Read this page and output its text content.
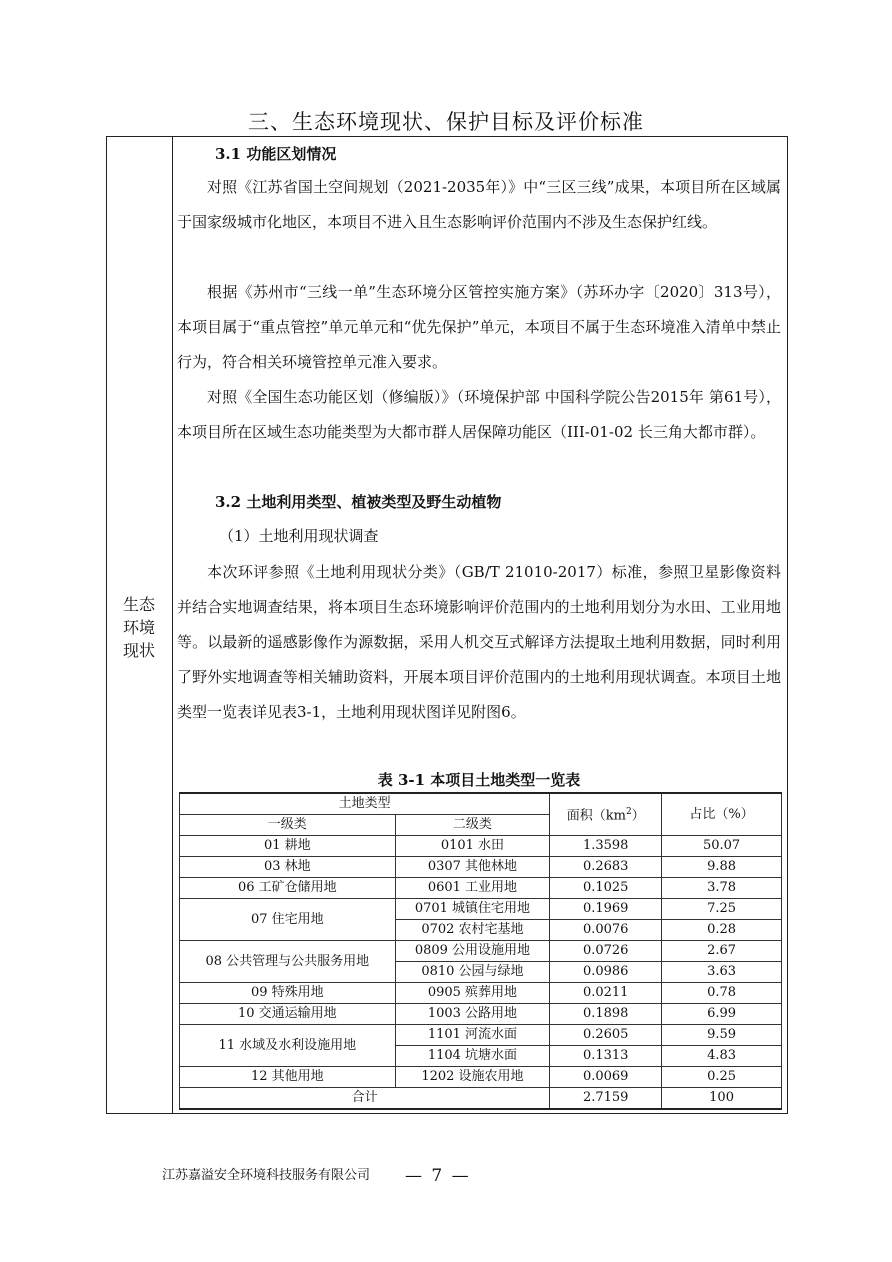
三、生态环境现状、保护目标及评价标准
生态
环境
现状
3.1 功能区划情况
对照《江苏省国土空间规划（2021-2035年）》中“三区三线”成果，本项目所在区域属于国家级城市化地区，本项目不进入且生态影响评价范围内不涉及生态保护红线。
根据《苏州市“三线一单”生态环境分区管控实施方案》（苏环办字〔2020〕313号），本项目属于“重点管控”单元单元和“优先保护”单元，本项目不属于生态环境准入清单中禁止行为，符合相关环境管控单元准入要求。
对照《全国生态功能区划（修编版）》（环境保护部 中国科学院公告2015年 第61号），本项目所在区域生态功能类型为大都市群人居保障功能区（III-01-02 长三角大都市群）。
3.2 土地利用类型、植被类型及野生动植物
（1）土地利用现状调查
本次环评参照《土地利用现状分类》（GB/T 21010-2017）标准，参照卫星影像资料并结合实地调查结果，将本项目生态环境影响评价范围内的土地利用划分为水田、工业用地等。以最新的遥感影像作为源数据，采用人机交互式解译方法提取土地利用数据，同时利用了野外实地调查等相关辅助资料，开展本项目评价范围内的土地利用现状调查。本项目土地类型一览表详见表3-1，土地利用现状图详见附图6。
表 3-1 本项目土地类型一览表
土地类型		面积$(km^2)$	占比（%）
一级类	二级类		
01 耕地	0101 水田	1.3598	50.07
03 林地	0307 其他林地	0.2683	9.88
06 工矿仓储用地	0601 工业用地	0.1025	3.78
07 住宅用地	0701 城镇住宅用地	0.1969	7.25
	0702 农村宅基地	0.0076	0.28
08 公共管理与公共服务用地	0809 公用设施用地	0.0726	2.67
	0810 公园与绿地	0.0986	3.63
09 特殊用地	0905 殡葬用地	0.0211	0.78
10 交通运输用地	1003 公路用地	0.1898	6.99
11 水域及水利设施用地	1101 河流水面	0.2605	9.59
	1104 坑塘水面	0.1313	4.83
12 其他用地	1202 设施农用地	0.0069	0.25
合计		2.7159	100
江苏嘉溢安全环境科技服务有限公司 — 7 —
